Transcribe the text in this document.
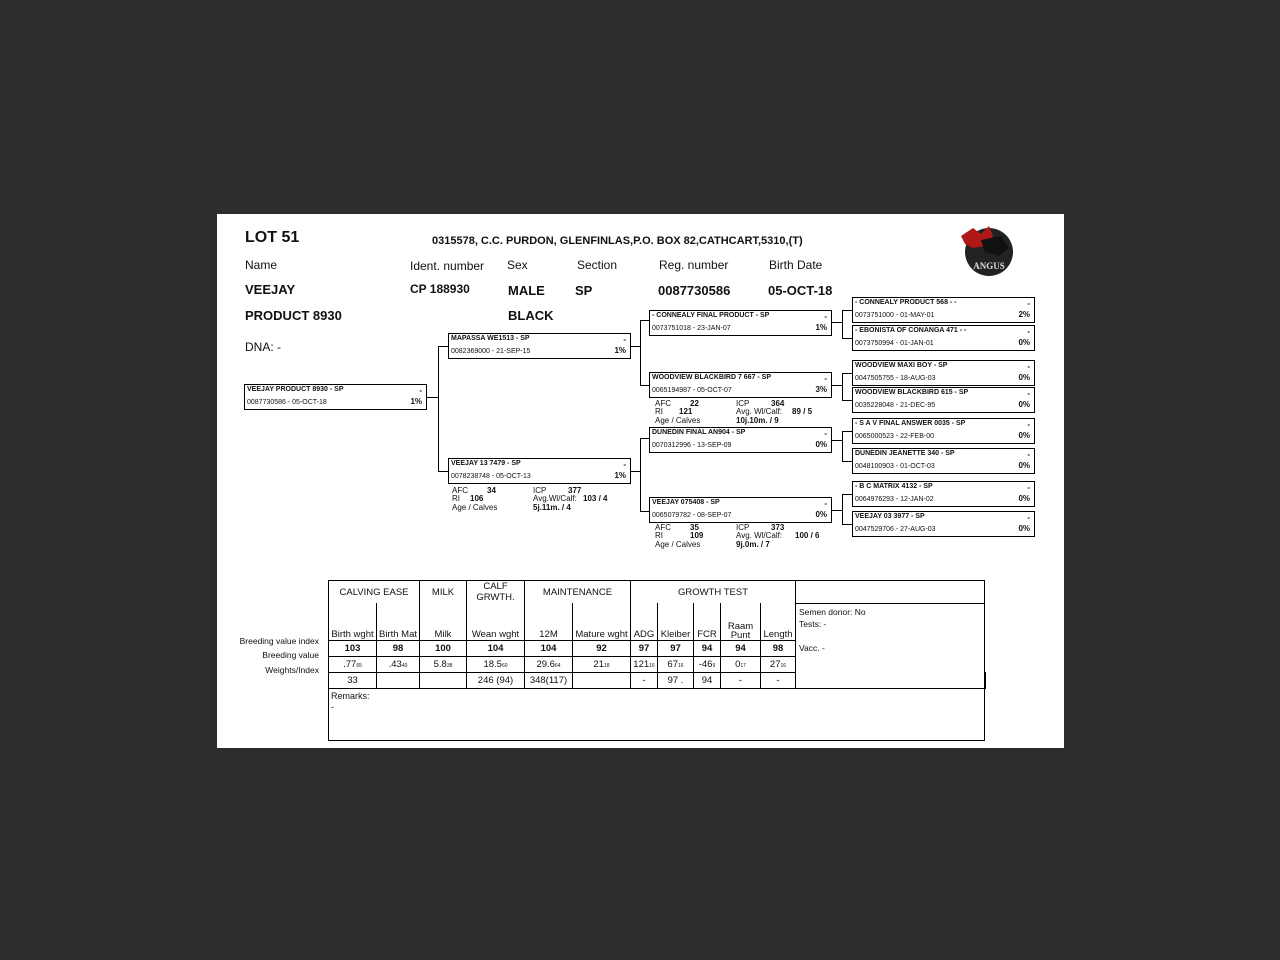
LOT 51	0315578, C.C. PURDON, GLENFINLAS,P.O. BOX 82,CATHCART,5310,(T)
Name	Ident. number Sex	Section	Reg. number	Birth Date
VEEJAY
PRODUCT 8930
CP 188930	MALE
BLACK
SP	0087730586	05-OCT-18
DNA: -
ANGUS
VEEJAY PRODUCT 8930 - SP	-
0087730586 - 05-OCT-18	1%
MAPASSA WE1513 - SP	-
0082369000 - 21-SEP-15	1%
VEEJAY 13 7479 - SP	-
0078238748 - 05-OCT-13	1%
- CONNEALY FINAL PRODUCT - SP	-
0073751018 - 23-JAN-07	1%
WOODVIEW BLACKBIRD 7 667 - SP	-
0065194987 - 05-OCT-07	3%
DUNEDIN FINAL AN904 - SP	-
0070312996 - 13-SEP-09	0%
VEEJAY 075408 - SP	-
0065079782 - 08-SEP-07	0%
- CONNEALY PRODUCT 568 - -	-
0073751000 - 01-MAY-01	2%
- EBONISTA OF CONANGA 471 - -	-
0073750994 - 01-JAN-01	0%
WOODVIEW MAXI BOY - SP	-
0047505755 - 18-AUG-03	0%
WOODVIEW BLACKBIRD 615 - SP	-
0035228048 - 21-DEC-95	0%
- S A V FINAL ANSWER 0035 - SP	-
0065000523 - 22-FEB-00	0%
DUNEDIN JEANETTE 340 - SP	-
0048100903 - 01-OCT-03	0%
- B C MATRIX 4132 - SP	-
0064976293 - 12-JAN-02	0%
VEEJAY 03 3977 - SP	-
0047529706 - 27-AUG-03	0%
AFC 34	ICP	377
RI 106	Avg.Wl/Calf: 103 / 4
Age / Calves	5j.11m. / 4
AFC 22	ICP	364
RI 121	Avg. Wl/Calf: 89 / 5
Age / Calves	10j.10m. / 9
AFC 35	ICP	373
RI	109	Avg. Wl/Calf: 100 / 6
Age / Calves	9j.0m. / 7
Breeding value index
Breeding value
Weights/Index
CALVING EASE		MILK	CALF GRWTH.	MAINTENANCE		GROWTH TEST						
Birth wght	Birth Mat	Milk	Wean wght	12M	Mature wght	ADG	Kleiber	FCR	Raam Punt	Length	Semen donor: No
Tests: -
Vacc. -	

103	98	100	104	104	92	97	97	94	94	98		
.7765	.4340	5.838	18.560	29.664	2118	12116	6716	-469	017	2716		
33			246 (94)	348(117)		-	97 .	94	-	-		

Remarks:
-												
